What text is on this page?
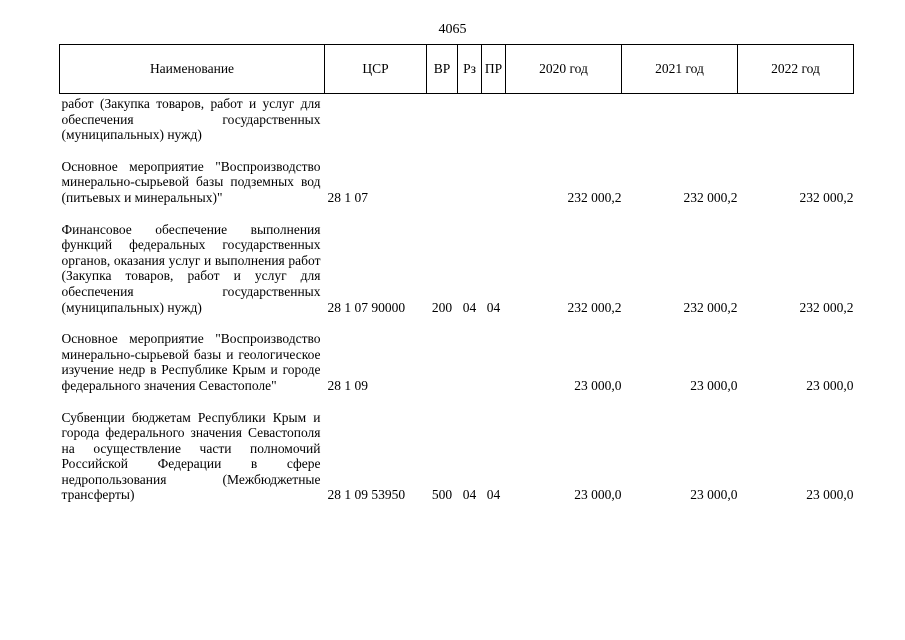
4065
Наименование	ЦСР	ВР	Рз	ПР	2020 год	2021 год	2022 год
работ (Закупка товаров, работ и услуг для обеспечения государственных (муниципальных) нужд)							

Основное мероприятие "Воспроизводство минерально-сырьевой базы подземных вод (питьевых и минеральных)"	28 1 07				232 000,2	232 000,2	232 000,2

Финансовое обеспечение выполнения функций федеральных государственных органов, оказания услуг и выполнения работ (Закупка товаров, работ и услуг для обеспечения государственных (муниципальных) нужд)	28 1 07 90000	200	04	04	232 000,2	232 000,2	232 000,2

Основное мероприятие "Воспроизводство минерально-сырьевой базы и геологическое изучение недр в Республике Крым и городе федерального значения Севастополе"	28 1 09				23 000,0	23 000,0	23 000,0

Субвенции бюджетам Республики Крым и города федерального значения Севастополя на осуществление части полномочий Российской Федерации в сфере недропользования (Межбюджетные трансферты)	28 1 09 53950	500	04	04	23 000,0	23 000,0	23 000,0
